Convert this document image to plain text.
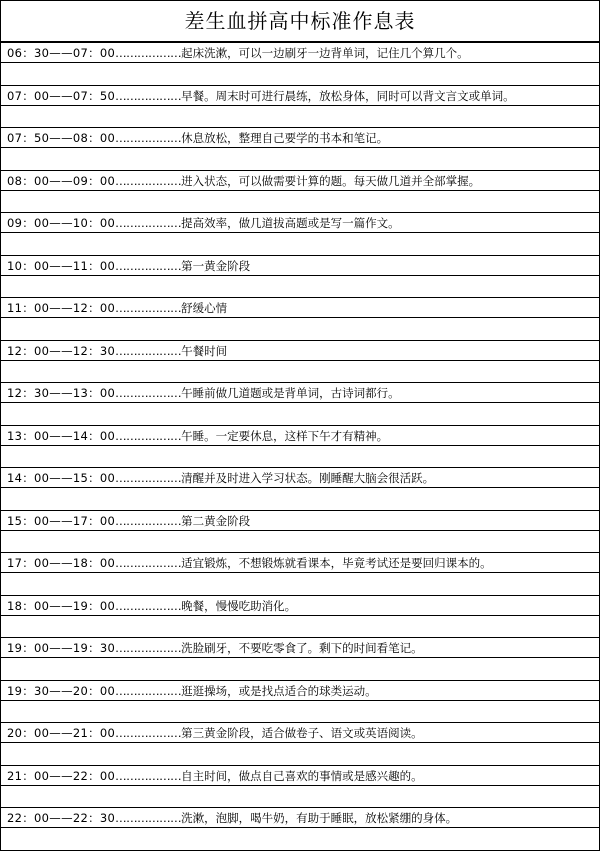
差生血拼高中标准作息表
06：30——07：00………………起床洗漱，可以一边刷牙一边背单词，记住几个算几个。
07：00——07：50………………早餐。周末时可进行晨练，放松身体，同时可以背文言文或单词。
07：50——08：00………………休息放松，整理自己要学的书本和笔记。
08：00——09：00………………进入状态，可以做需要计算的题。每天做几道并全部掌握。
09：00——10：00………………提高效率，做几道拔高题或是写一篇作文。
10：00——11：00………………第一黄金阶段
11：00——12：00………………舒缓心情
12：00——12：30………………午餐时间
12：30——13：00………………午睡前做几道题或是背单词，古诗词都行。
13：00——14：00………………午睡。一定要休息，这样下午才有精神。
14：00——15：00………………清醒并及时进入学习状态。刚睡醒大脑会很活跃。
15：00——17：00………………第二黄金阶段
17：00——18：00………………适宜锻炼，不想锻炼就看课本，毕竟考试还是要回归课本的。
18：00——19：00………………晚餐，慢慢吃助消化。
19：00——19：30………………洗脸刷牙，不要吃零食了。剩下的时间看笔记。
19：30——20：00………………逛逛操场，或是找点适合的球类运动。
20：00——21：00………………第三黄金阶段，适合做卷子、语文或英语阅读。
21：00——22：00………………自主时间，做点自己喜欢的事情或是感兴趣的。
22：00——22：30………………洗漱，泡脚，喝牛奶，有助于睡眠，放松紧绷的身体。
